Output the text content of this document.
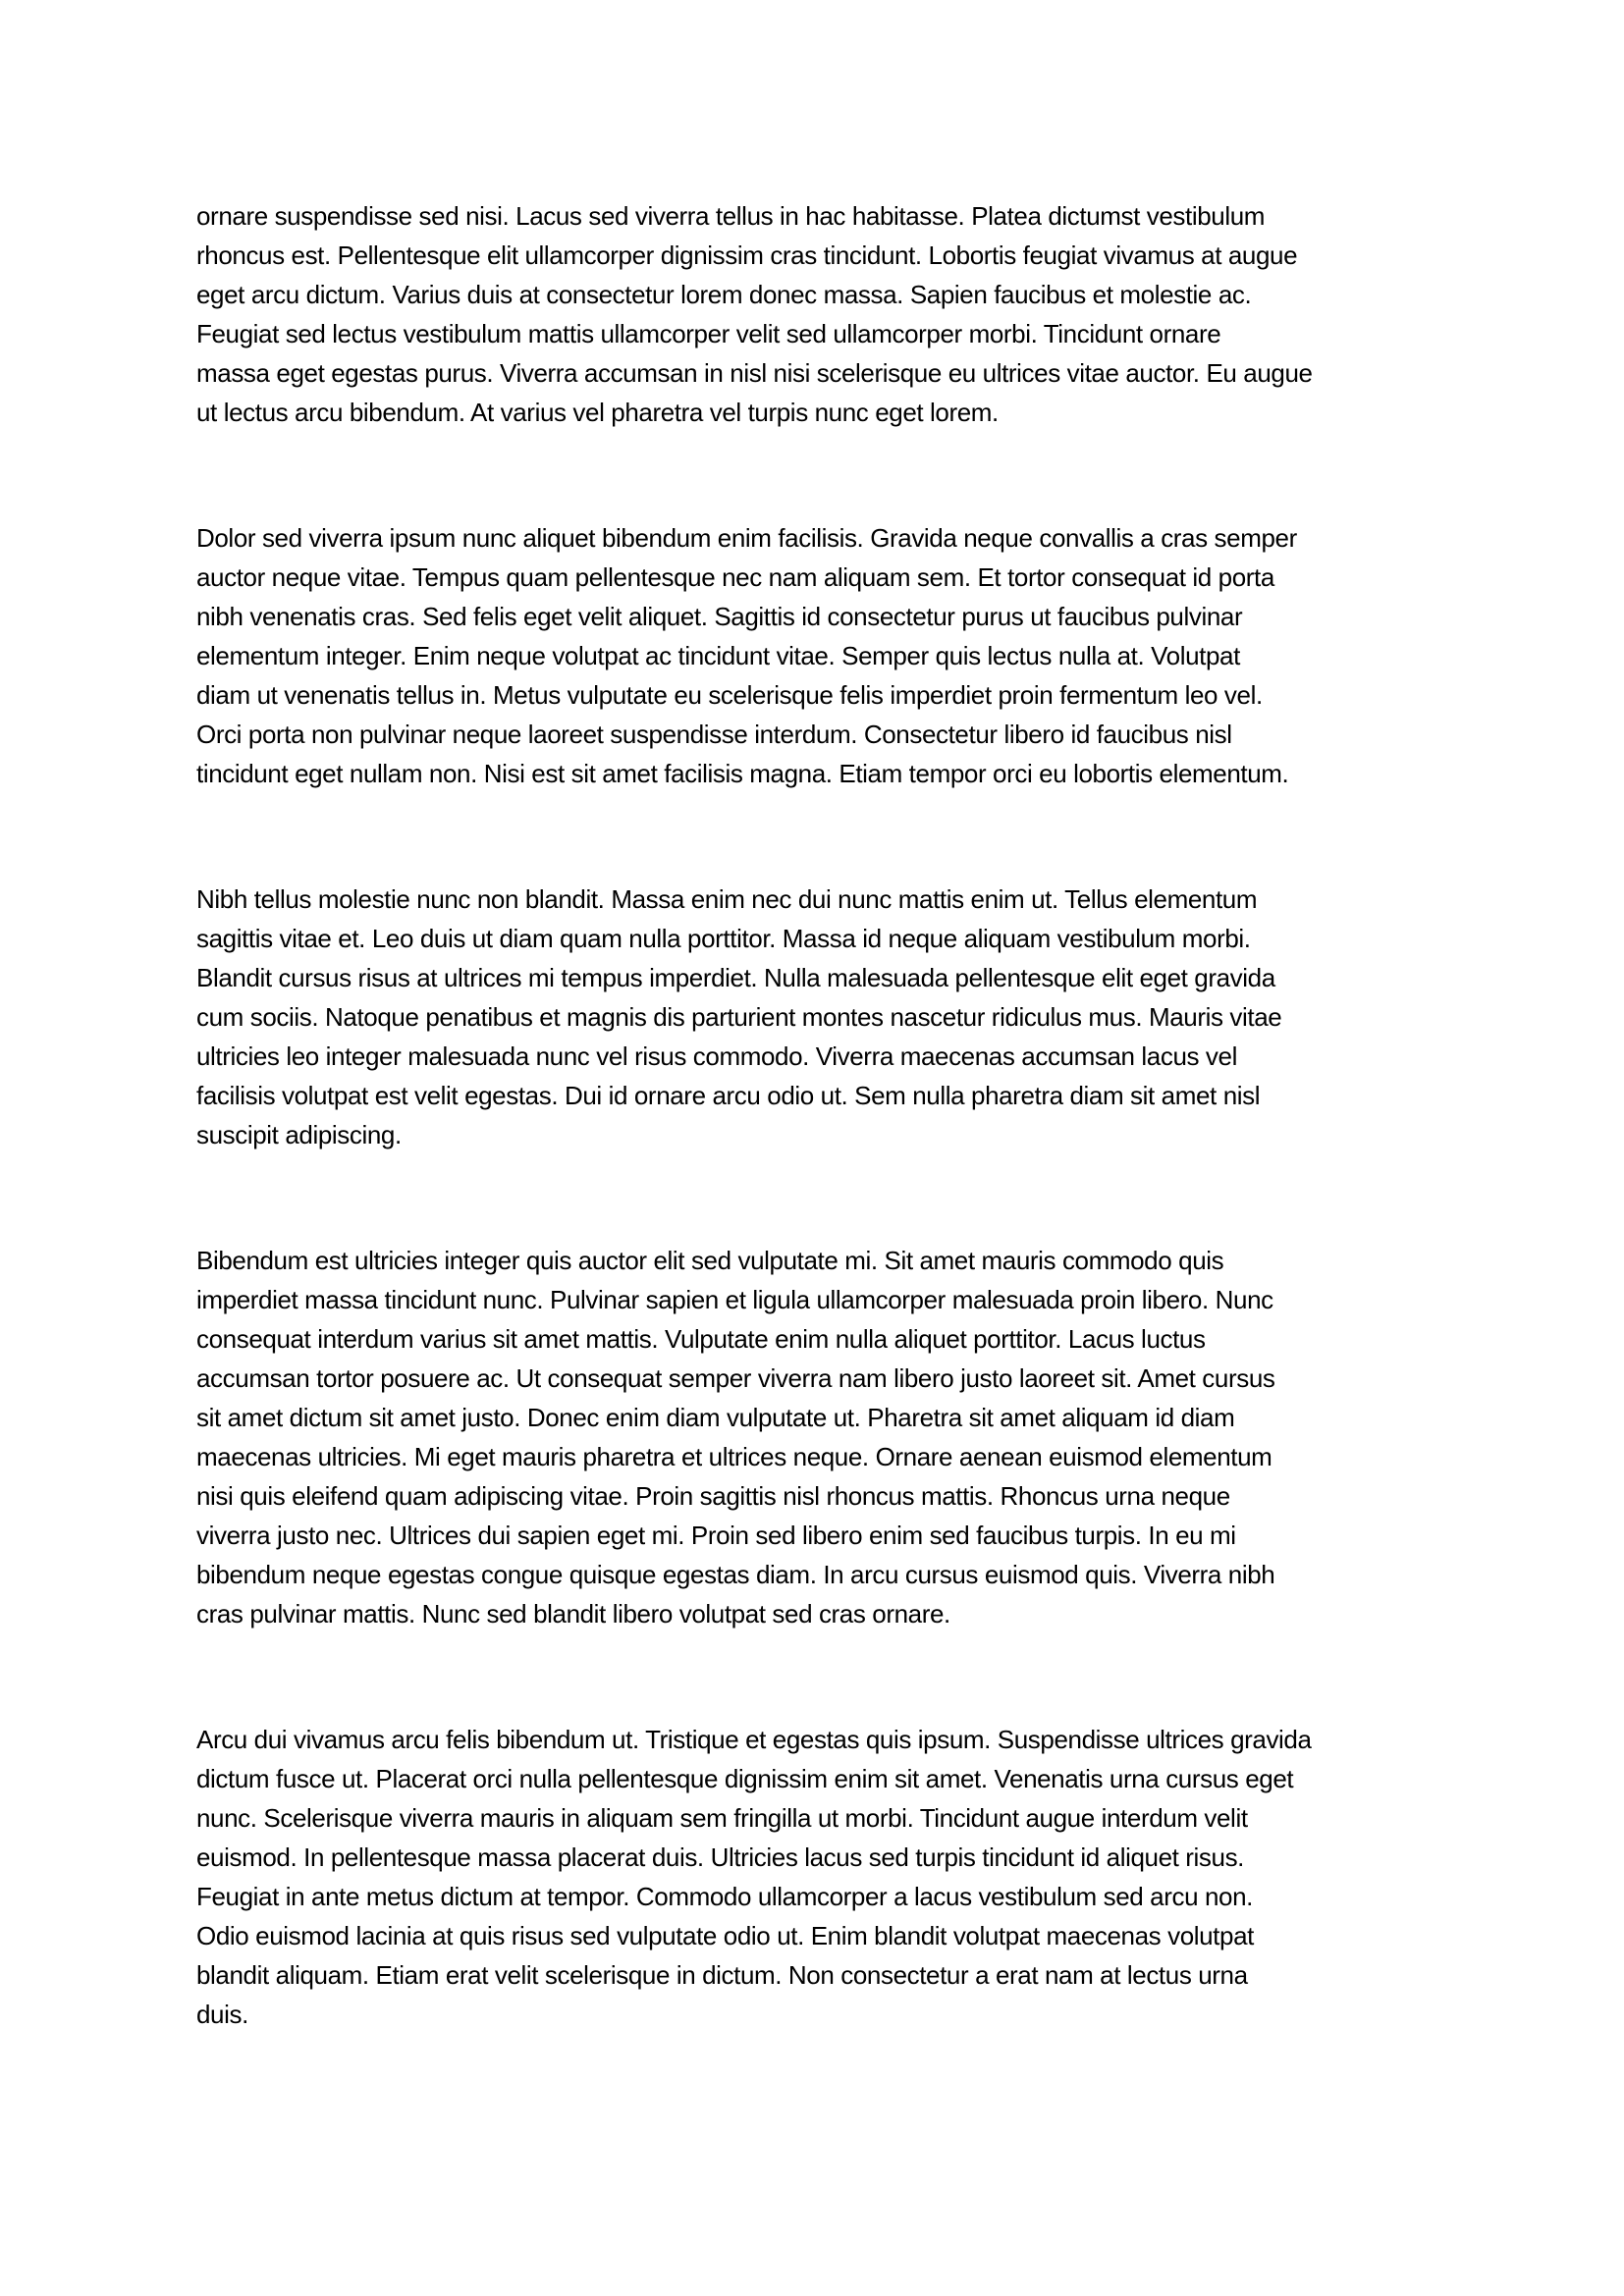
ornare suspendisse sed nisi. Lacus sed viverra tellus in hac habitasse. Platea dictumst vestibulum
rhoncus est. Pellentesque elit ullamcorper dignissim cras tincidunt. Lobortis feugiat vivamus at augue
eget arcu dictum. Varius duis at consectetur lorem donec massa. Sapien faucibus et molestie ac.
Feugiat sed lectus vestibulum mattis ullamcorper velit sed ullamcorper morbi. Tincidunt ornare
massa eget egestas purus. Viverra accumsan in nisl nisi scelerisque eu ultrices vitae auctor. Eu augue
ut lectus arcu bibendum. At varius vel pharetra vel turpis nunc eget lorem.

Dolor sed viverra ipsum nunc aliquet bibendum enim facilisis. Gravida neque convallis a cras semper
auctor neque vitae. Tempus quam pellentesque nec nam aliquam sem. Et tortor consequat id porta
nibh venenatis cras. Sed felis eget velit aliquet. Sagittis id consectetur purus ut faucibus pulvinar
elementum integer. Enim neque volutpat ac tincidunt vitae. Semper quis lectus nulla at. Volutpat
diam ut venenatis tellus in. Metus vulputate eu scelerisque felis imperdiet proin fermentum leo vel.
Orci porta non pulvinar neque laoreet suspendisse interdum. Consectetur libero id faucibus nisl
tincidunt eget nullam non. Nisi est sit amet facilisis magna. Etiam tempor orci eu lobortis elementum.

Nibh tellus molestie nunc non blandit. Massa enim nec dui nunc mattis enim ut. Tellus elementum
sagittis vitae et. Leo duis ut diam quam nulla porttitor. Massa id neque aliquam vestibulum morbi.
Blandit cursus risus at ultrices mi tempus imperdiet. Nulla malesuada pellentesque elit eget gravida
cum sociis. Natoque penatibus et magnis dis parturient montes nascetur ridiculus mus. Mauris vitae
ultricies leo integer malesuada nunc vel risus commodo. Viverra maecenas accumsan lacus vel
facilisis volutpat est velit egestas. Dui id ornare arcu odio ut. Sem nulla pharetra diam sit amet nisl
suscipit adipiscing.

Bibendum est ultricies integer quis auctor elit sed vulputate mi. Sit amet mauris commodo quis
imperdiet massa tincidunt nunc. Pulvinar sapien et ligula ullamcorper malesuada proin libero. Nunc
consequat interdum varius sit amet mattis. Vulputate enim nulla aliquet porttitor. Lacus luctus
accumsan tortor posuere ac. Ut consequat semper viverra nam libero justo laoreet sit. Amet cursus
sit amet dictum sit amet justo. Donec enim diam vulputate ut. Pharetra sit amet aliquam id diam
maecenas ultricies. Mi eget mauris pharetra et ultrices neque. Ornare aenean euismod elementum
nisi quis eleifend quam adipiscing vitae. Proin sagittis nisl rhoncus mattis. Rhoncus urna neque
viverra justo nec. Ultrices dui sapien eget mi. Proin sed libero enim sed faucibus turpis. In eu mi
bibendum neque egestas congue quisque egestas diam. In arcu cursus euismod quis. Viverra nibh
cras pulvinar mattis. Nunc sed blandit libero volutpat sed cras ornare.

Arcu dui vivamus arcu felis bibendum ut. Tristique et egestas quis ipsum. Suspendisse ultrices gravida
dictum fusce ut. Placerat orci nulla pellentesque dignissim enim sit amet. Venenatis urna cursus eget
nunc. Scelerisque viverra mauris in aliquam sem fringilla ut morbi. Tincidunt augue interdum velit
euismod. In pellentesque massa placerat duis. Ultricies lacus sed turpis tincidunt id aliquet risus.
Feugiat in ante metus dictum at tempor. Commodo ullamcorper a lacus vestibulum sed arcu non.
Odio euismod lacinia at quis risus sed vulputate odio ut. Enim blandit volutpat maecenas volutpat
blandit aliquam. Etiam erat velit scelerisque in dictum. Non consectetur a erat nam at lectus urna
duis.
